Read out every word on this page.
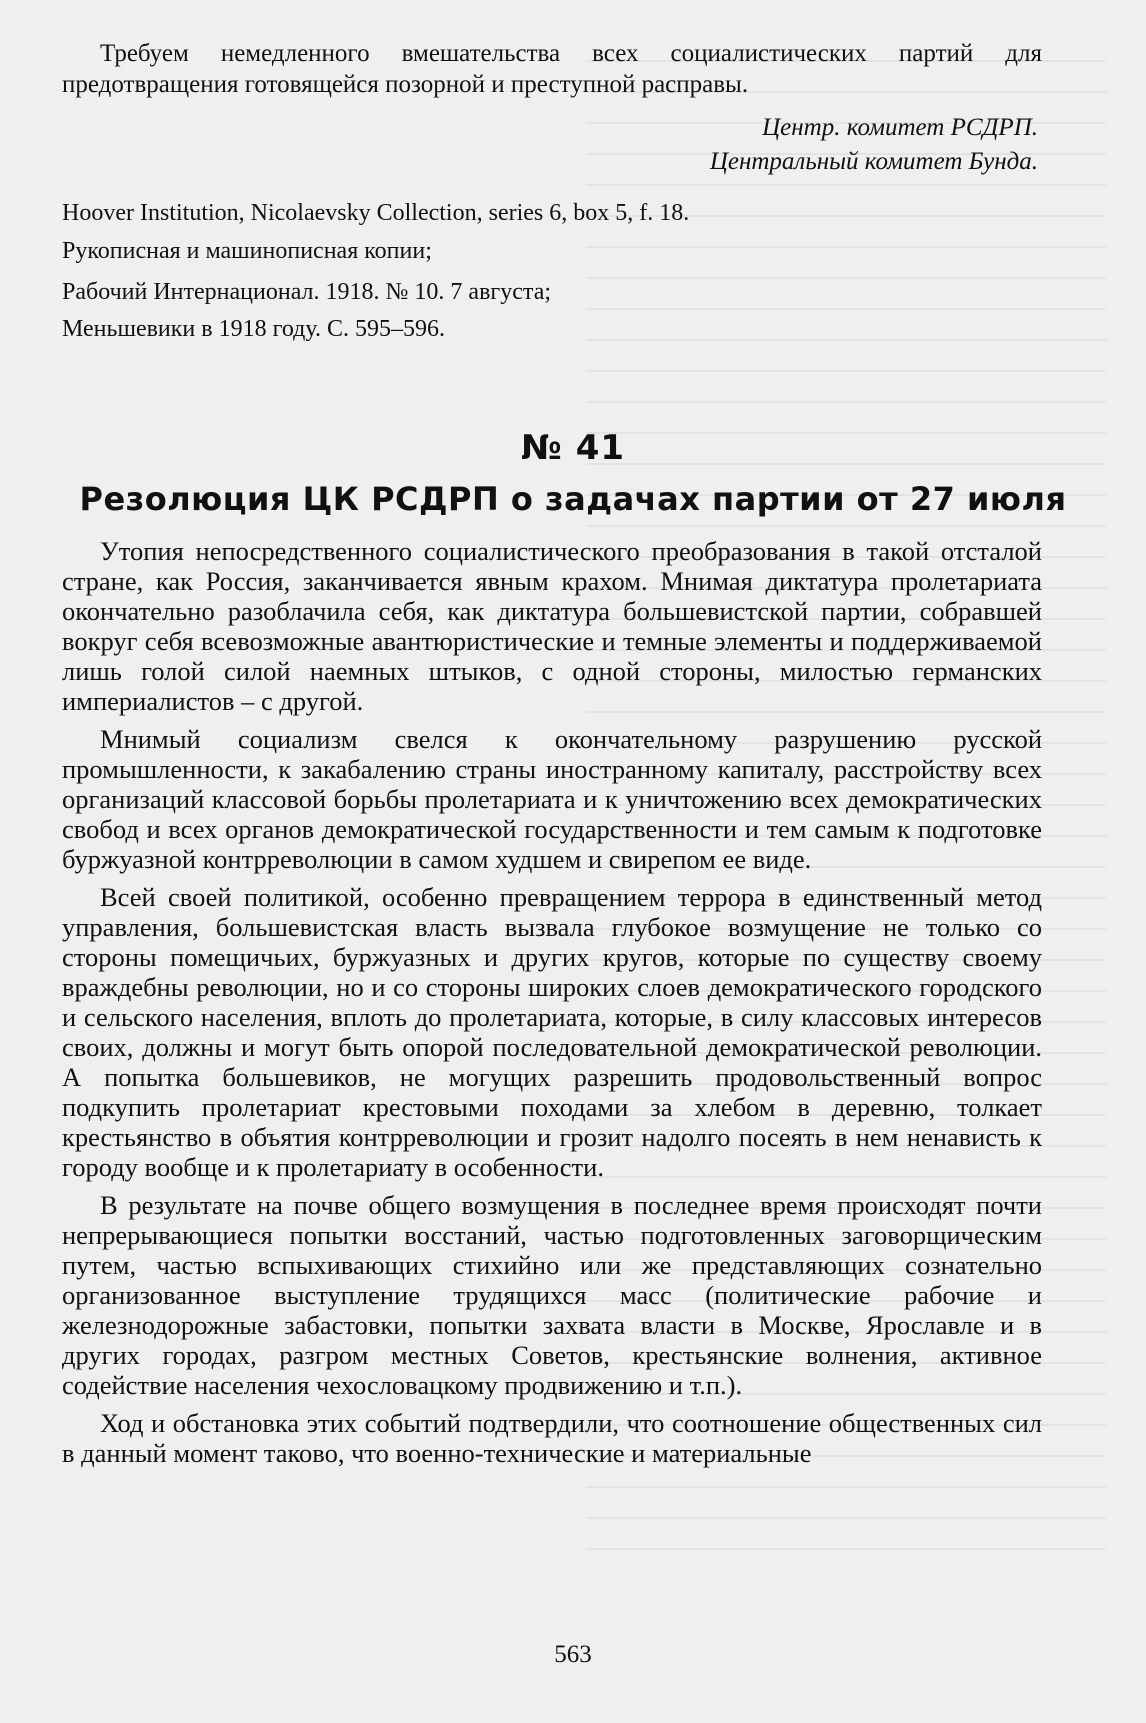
Требуем немедленного вмешательства всех социалистических партий для предотвращения готовящейся позорной и преступной расправы.

Центр. комитет РСДРП.

Центральный комитет Бунда.

Hoover Institution, Nicolaevsky Collection, series 6, box 5, f. 18.

Рукописная и машинописная копии;

Рабочий Интернационал. 1918. № 10. 7 августа;

Меньшевики в 1918 году. С. 595–596.

№ 41
Резолюция ЦК РСДРП о задачах партии от 27 июля

Утопия непосредственного социалистического преобразования в такой отсталой стране, как Россия, заканчивается явным крахом. Мнимая диктатура пролетариата окончательно разоблачила себя, как диктатура большевистской партии, собравшей вокруг себя всевозможные авантюристические и темные элементы и поддерживаемой лишь голой силой наемных штыков, с одной стороны, милостью германских империалистов – с другой.

Мнимый социализм свелся к окончательному разрушению русской промышленности, к закабалению страны иностранному капиталу, расстройству всех организаций классовой борьбы пролетариата и к уничтожению всех демократических свобод и всех органов демократической государственности и тем самым к подготовке буржуазной контрреволюции в самом худшем и свирепом ее виде.

Всей своей политикой, особенно превращением террора в единственный метод управления, большевистская власть вызвала глубокое возмущение не только со стороны помещичьих, буржуазных и других кругов, которые по существу своему враждебны революции, но и со стороны широких слоев демократического городского и сельского населения, вплоть до пролетариата, которые, в силу классовых интересов своих, должны и могут быть опорой последовательной демократической революции. А попытка большевиков, не могущих разрешить продовольственный вопрос подкупить пролетариат крестовыми походами за хлебом в деревню, толкает крестьянство в объятия контрреволюции и грозит надолго посеять в нем ненависть к городу вообще и к пролетариату в особенности.

В результате на почве общего возмущения в последнее время происходят почти непрерывающиеся попытки восстаний, частью подготовленных заговорщическим путем, частью вспыхивающих стихийно или же представляющих сознательно организованное выступление трудящихся масс (политические рабочие и железнодорожные забастовки, попытки захвата власти в Москве, Ярославле и в других городах, разгром местных Советов, крестьянские волнения, активное содействие населения чехословацкому продвижению и т.п.).

Ход и обстановка этих событий подтвердили, что соотношение общественных сил в данный момент таково, что военно-технические и материальные

563
